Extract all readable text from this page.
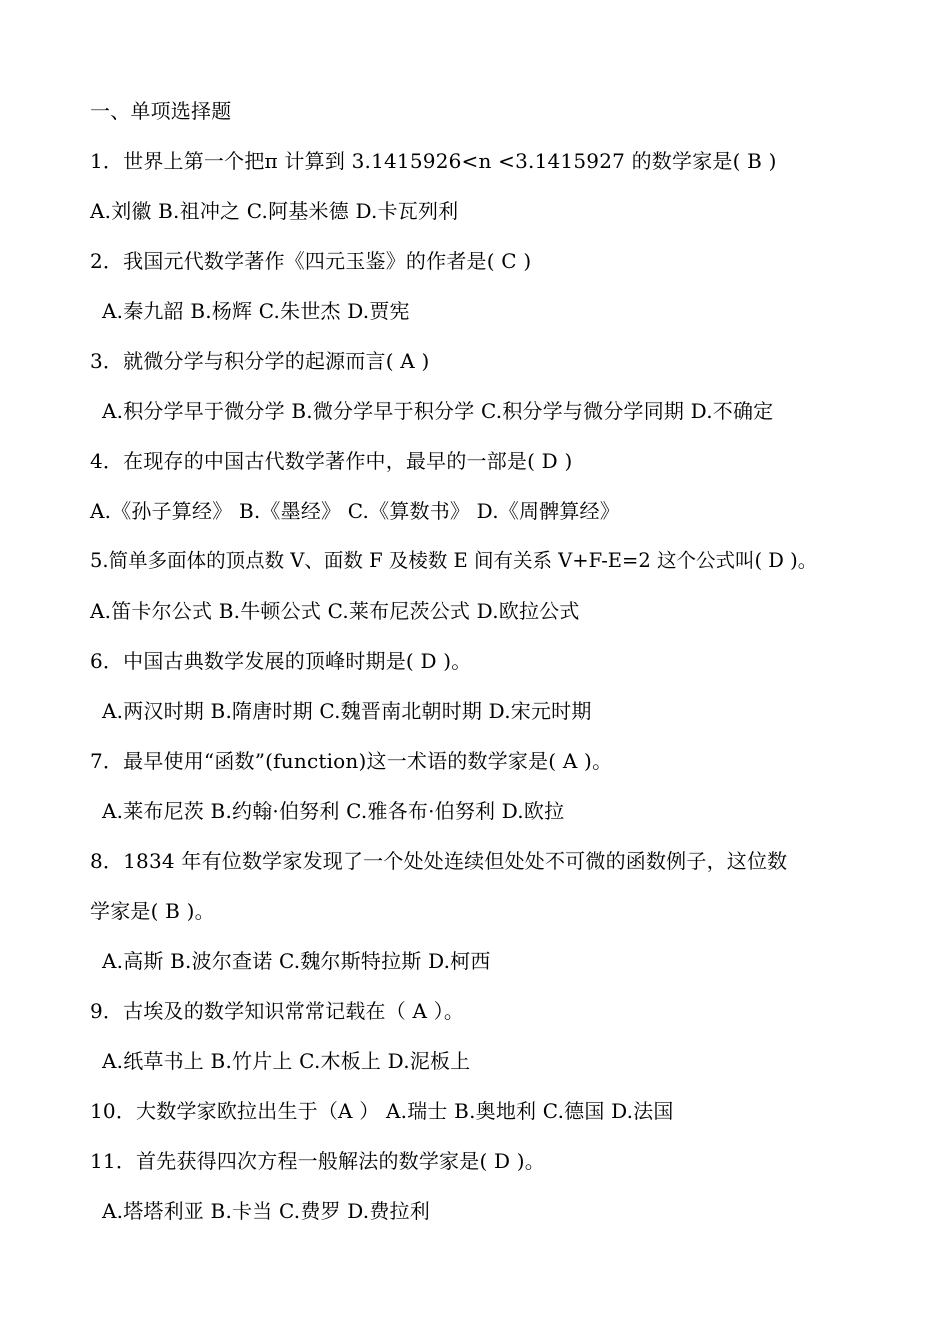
一、单项选择题
1．世界上第一个把π 计算到 3.1415926<n <3.1415927 的数学家是( B )
A.刘徽 B.祖冲之 C.阿基米德 D.卡瓦列利
2．我国元代数学著作《四元玉鉴》的作者是( C )
A.秦九韶 B.杨辉 C.朱世杰 D.贾宪
3．就微分学与积分学的起源而言( A )
A.积分学早于微分学 B.微分学早于积分学 C.积分学与微分学同期 D.不确定
4．在现存的中国古代数学著作中，最早的一部是( D )
A.《孙子算经》 B.《墨经》 C.《算数书》 D.《周髀算经》
5.简单多面体的顶点数 V、面数 F 及棱数 E 间有关系 V+F-E=2 这个公式叫( D )。
A.笛卡尔公式 B.牛顿公式 C.莱布尼茨公式 D.欧拉公式
6．中国古典数学发展的顶峰时期是( D )。
A.两汉时期 B.隋唐时期 C.魏晋南北朝时期 D.宋元时期
7．最早使用“函数”(function)这一术语的数学家是( A )。
A.莱布尼茨 B.约翰·伯努利 C.雅各布·伯努利 D.欧拉
8．1834 年有位数学家发现了一个处处连续但处处不可微的函数例子，这位数
学家是( B )。
A.高斯 B.波尔查诺 C.魏尔斯特拉斯 D.柯西
9．古埃及的数学知识常常记载在（ A ）。
A.纸草书上 B.竹片上 C.木板上 D.泥板上
10．大数学家欧拉出生于（A ） A.瑞士 B.奥地利 C.德国 D.法国
11．首先获得四次方程一般解法的数学家是( D )。
A.塔塔利亚 B.卡当 C.费罗 D.费拉利
